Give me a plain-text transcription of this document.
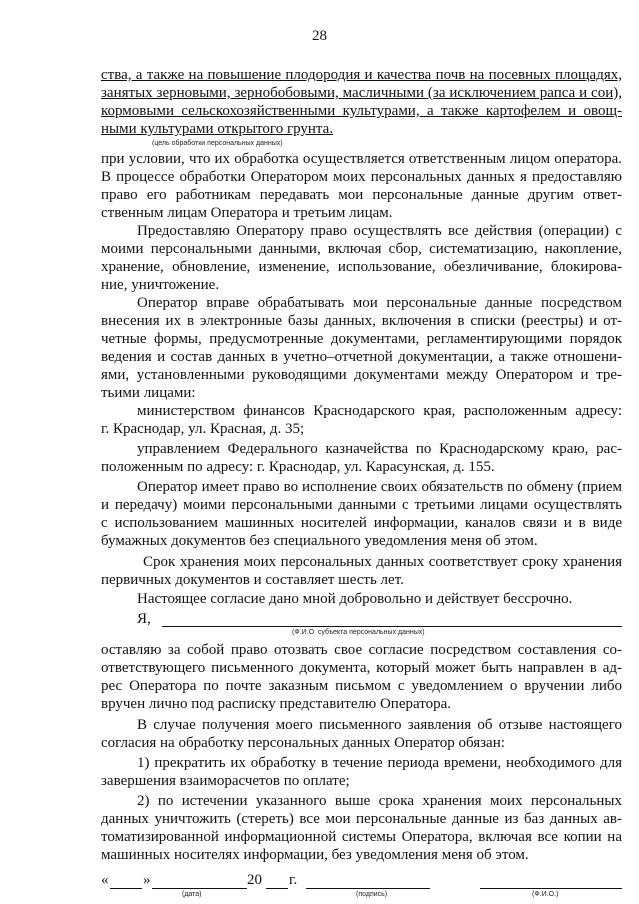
28
ства, а также на повышение плодородия и качества почв на посевных площадях,
занятых зерновыми, зернобобовыми, масличными (за исключением рапса и сои),
кормовыми сельскохозяйственными культурами, а также картофелем и овощ-
ными культурами открытого грунта.
(цель обработки персональных данных)
при условии, что их обработка осуществляется ответственным лицом оператора.
В процессе обработки Оператором моих персональных данных я предоставляю
право его работникам передавать мои персональные данные другим ответ-
ственным лицам Оператора и третьим лицам.
Предоставляю Оператору право осуществлять все действия (операции) с
моими персональными данными, включая сбор, систематизацию, накопление,
хранение, обновление, изменение, использование, обезличивание, блокирова-
ние, уничтожение.
Оператор вправе обрабатывать мои персональные данные посредством
внесения их в электронные базы данных, включения в списки (реестры) и от-
четные формы, предусмотренные документами, регламентирующими порядок
ведения и состав данных в учетно–отчетной документации, а также отношени-
ями, установленными руководящими документами между Оператором и тре-
тьими лицами:
министерством финансов Краснодарского края, расположенным адресу:
г. Краснодар, ул. Красная, д. 35;
управлением Федерального казначейства по Краснодарскому краю, рас-
положенным по адресу: г. Краснодар, ул. Карасунская, д. 155.
Оператор имеет право во исполнение своих обязательств по обмену (прием
и передачу) моими персональными данными с третьими лицами осуществлять
с использованием машинных носителей информации, каналов связи и в виде
бумажных документов без специального уведомления меня об этом.
Срок хранения моих персональных данных соответствует сроку хранения
первичных документов и составляет шесть лет.
Настоящее согласие дано мной добровольно и действует бессрочно.
Я,
(Ф.И.О. субъекта персональных данных)
оставляю за собой право отозвать свое согласие посредством составления со-
ответствующего письменного документа, который может быть направлен в ад-
рес Оператора по почте заказным письмом с уведомлением о вручении либо
вручен лично под расписку представителю Оператора.
В случае получения моего письменного заявления об отзыве настоящего
согласия на обработку персональных данных Оператор обязан:
1) прекратить их обработку в течение периода времени, необходимого для
завершения взаиморасчетов по оплате;
2) по истечении указанного выше срока хранения моих персональных
данных уничтожить (стереть) все мои персональные данные из баз данных ав-
томатизированной информационной системы Оператора, включая все копии на
машинных носителях информации, без уведомления меня об этом.
« »	20 г.
(дата)	(подпись)	(Ф.И.О.)
